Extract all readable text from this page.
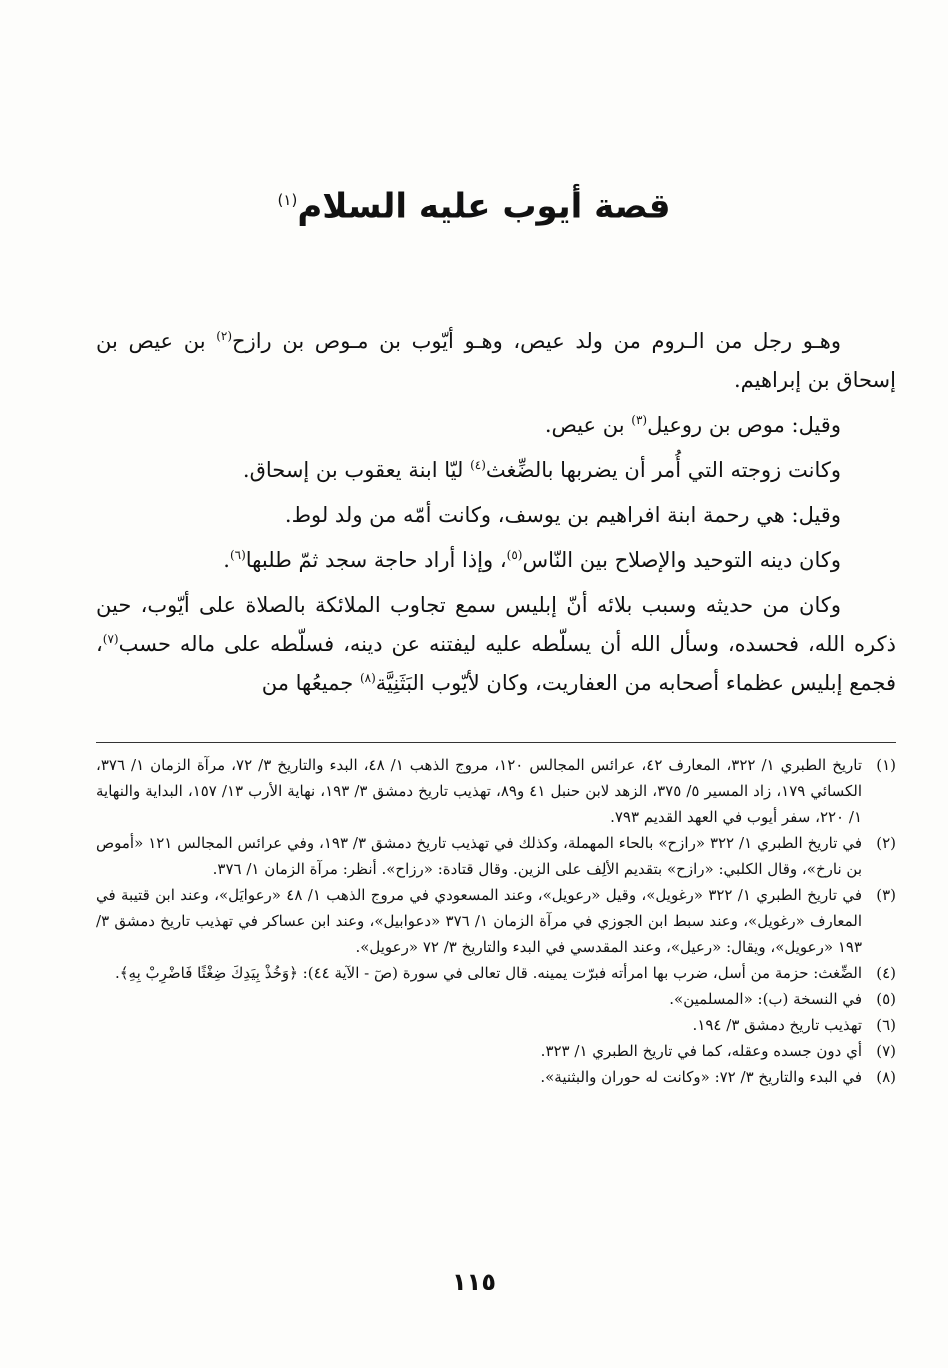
قصة أيوب عليه السلام$^{(١)}$

وهـو رجل من الـروم من ولد عيص، وهـو أيّوب بن مـوص بن رازح$^{(٢)}$ بن عيص بن إسحاق بن إبراهيم.

وقيل: موص بن روعيل$^{(٣)}$ بن عيص.

وكانت زوجته التي أُمر أن يضربها بالضِّغث$^{(٤)}$ ليّا ابنة يعقوب بن إسحاق.

وقيل: هي رحمة ابنة افراهيم بن يوسف، وكانت أمّه من ولد لوط.

وكان دينه التوحيد والإصلاح بين النّاس$^{(٥)}$، وإذا أراد حاجة سجد ثمّ طلبها$^{(٦)}$.

وكان من حديثه وسبب بلائه أنّ إبليس سمع تجاوب الملائكة بالصلاة على أيّوب، حين ذكره الله، فحسده، وسأل الله أن يسلّطه عليه ليفتنه عن دينه، فسلّطه على ماله حسب$^{(٧)}$، فجمع إبليس عظماء أصحابه من العفاريت، وكان لأيّوب البَثَنِيَّة$^{(٨)}$ جميعُها من

(١)
تاريخ الطبري ١/ ٣٢٢، المعارف ٤٢، عرائس المجالس ١٢٠، مروج الذهب ١/ ٤٨، البدء والتاريخ ٣/ ٧٢، مرآة الزمان ١/ ٣٧٦، الكسائي ١٧٩، زاد المسير ٥/ ٣٧٥، الزهد لابن حنبل ٤١ و٨٩، تهذيب تاريخ دمشق ٣/ ١٩٣، نهاية الأرب ١٣/ ١٥٧، البداية والنهاية ١/ ٢٢٠، سفر أيوب في العهد القديم ٧٩٣.
(٢)
في تاريخ الطبري ١/ ٣٢٢ «رازح» بالحاء المهملة، وكذلك في تهذيب تاريخ دمشق ٣/ ١٩٣، وفي عرائس المجالس ١٢١ «أموص بن نارخ»، وقال الكلبي: «رازح» بتقديم الألِف على الزين. وقال قتادة: «رزاح». أنظر: مرآة الزمان ١/ ٣٧٦.
(٣)
في تاريخ الطبري ١/ ٣٢٢ «رغويل»، وقيل «رعويل»، وعند المسعودي في مروج الذهب ١/ ٤٨ «رعوايَل»، وعند ابن قتيبة في المعارف «رغويل»، وعند سبط ابن الجوزي في مرآة الزمان ١/ ٣٧٦ «دعوابيل»، وعند ابن عساكر في تهذيب تاريخ دمشق ٣/ ١٩٣ «رعويل»، ويقال: «رعيل»، وعند المقدسي في البدء والتاريخ ٣/ ٧٢ «رعويل».
(٤)
الضِّغث: حزمة من أسل، ضرب بها امرأته فبرّت يمينه. قال تعالى في سورة (صٓ - الآية ٤٤): ﴿وَخُذْ بِيَدِكَ ضِغْثًا فَاضْرِبْ بِهِ﴾.
(٥)
في النسخة (ب): «المسلمين».
(٦)
تهذيب تاريخ دمشق ٣/ ١٩٤.
(٧)
أي دون جسده وعقله، كما في تاريخ الطبري ١/ ٣٢٣.
(٨)
في البدء والتاريخ ٣/ ٧٢: «وكانت له حوران والبثنية».
١١٥
